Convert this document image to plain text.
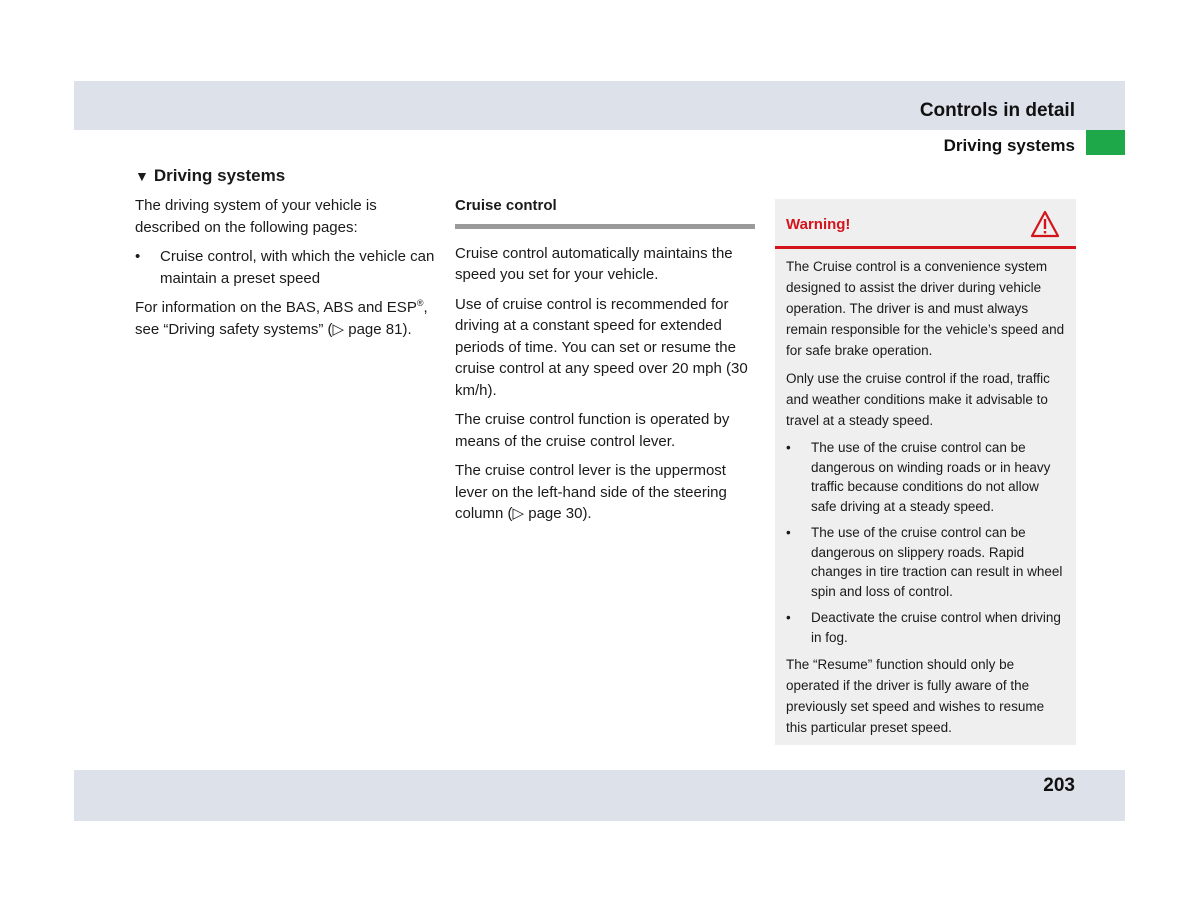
Controls in detail
Driving systems
▼ Driving systems

The driving system of your vehicle is described on the following pages:

•	Cruise control, with which the vehicle can maintain a preset speed

For information on the BAS, ABS and ESP®, see “Driving safety systems” (▷ page 81).

Cruise control

Cruise control automatically maintains the speed you set for your vehicle.

Use of cruise control is recommended for driving at a constant speed for extended periods of time. You can set or resume the cruise control at any speed over 20 mph (30 km/h).

The cruise control function is operated by means of the cruise control lever.

The cruise control lever is the uppermost lever on the left-hand side of the steering column (▷ page 30).

Warning!

The Cruise control is a convenience system designed to assist the driver during vehicle operation. The driver is and must always remain responsible for the vehicle’s speed and for safe brake operation.

Only use the cruise control if the road, traffic and weather conditions make it advisable to travel at a steady speed.

•	The use of the cruise control can be dangerous on winding roads or in heavy traffic because conditions do not allow safe driving at a steady speed.
•	The use of the cruise control can be dangerous on slippery roads. Rapid changes in tire traction can result in wheel spin and loss of control.
•	Deactivate the cruise control when driving in fog.

The “Resume” function should only be operated if the driver is fully aware of the previously set speed and wishes to resume this particular preset speed.

203
